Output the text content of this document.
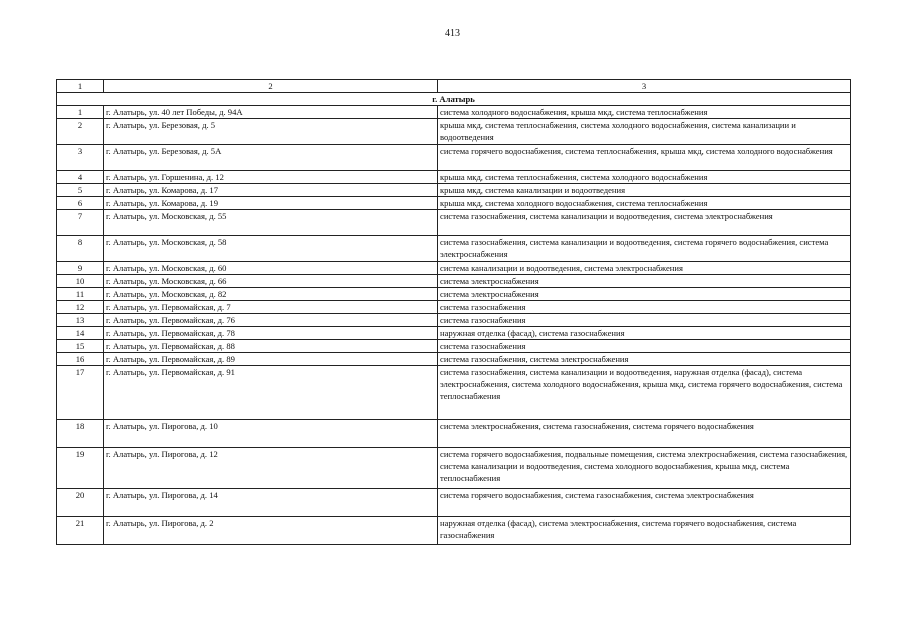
413
1	2	3
г. Алатырь		
1	г. Алатырь, ул. 40 лет Победы, д. 94А	система холодного водоснабжения, крыша мкд, система теплоснабжения
2	г. Алатырь, ул. Березовая, д. 5	крыша мкд, система теплоснабжения, система холодного водоснабжения, система канализации и водоотведения
3	г. Алатырь, ул. Березовая, д. 5А	система горячего водоснабжения, система теплоснабжения, крыша мкд, система холодного водоснабжения
4	г. Алатырь, ул. Горшенина, д. 12	крыша мкд, система теплоснабжения, система холодного водоснабжения
5	г. Алатырь, ул. Комарова, д. 17	крыша мкд, система канализации и водоотведения
6	г. Алатырь, ул. Комарова, д. 19	крыша мкд, система холодного водоснабжения, система теплоснабжения
7	г. Алатырь, ул. Московская, д. 55	система газоснабжения, система канализации и водоотведения, система электроснабжения
8	г. Алатырь, ул. Московская, д. 58	система газоснабжения, система канализации и водоотведения, система горячего водоснабжения, система электроснабжения
9	г. Алатырь, ул. Московская, д. 60	система канализации и водоотведения, система электроснабжения
10	г. Алатырь, ул. Московская, д. 66	система электроснабжения
11	г. Алатырь, ул. Московская, д. 82	система электроснабжения
12	г. Алатырь, ул. Первомайская, д. 7	система газоснабжения
13	г. Алатырь, ул. Первомайская, д. 76	система газоснабжения
14	г. Алатырь, ул. Первомайская, д. 78	наружная отделка (фасад), система газоснабжения
15	г. Алатырь, ул. Первомайская, д. 88	система газоснабжения
16	г. Алатырь, ул. Первомайская, д. 89	система газоснабжения, система электроснабжения
17	г. Алатырь, ул. Первомайская, д. 91	система газоснабжения, система канализации и водоотведения, наружная отделка (фасад), система электроснабжения, система холодного водоснабжения, крыша мкд, система горячего водоснабжения, система теплоснабжения
18	г. Алатырь, ул. Пирогова, д. 10	система электроснабжения, система газоснабжения, система горячего водоснабжения
19	г. Алатырь, ул. Пирогова, д. 12	система горячего водоснабжения, подвальные помещения, система электроснабжения, система газоснабжения, система канализации и водоотведения, система холодного водоснабжения, крыша мкд, система теплоснабжения
20	г. Алатырь, ул. Пирогова, д. 14	система горячего водоснабжения, система газоснабжения, система электроснабжения
21	г. Алатырь, ул. Пирогова, д. 2	наружная отделка (фасад), система электроснабжения, система горячего водоснабжения, система газоснабжения
